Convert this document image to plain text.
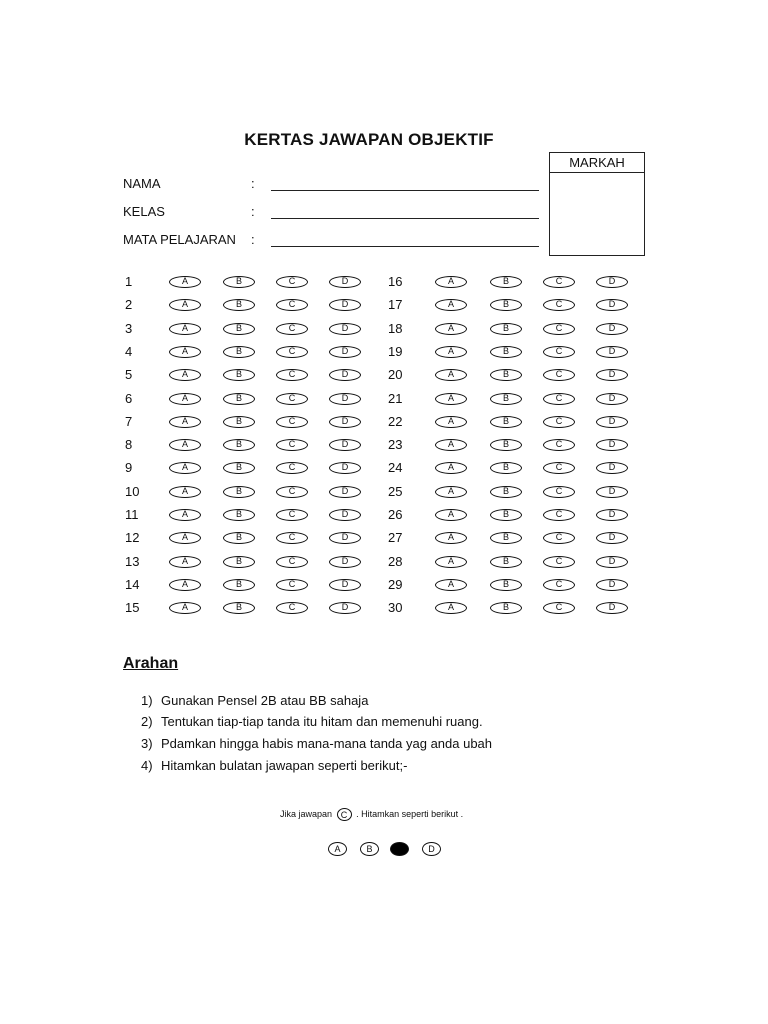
KERTAS JAWAPAN OBJEKTIF
MARKAH
NAMA	:
KELAS	:
MATA PELAJARAN :
1	A	B	C	D
2	A	B	C	D
3	A	B	C	D
4	A	B	C	D
5	A	B	C	D
6	A	B	C	D
7	A	B	C	D
8	A	B	C	D
9	A	B	C	D
10	A	B	C	D
11	A	B	C	D
12	A	B	C	D
13	A	B	C	D
14	A	B	C	D
15	A	B	C	D
16	A	B	C	D
17	A	B	C	D
18	A	B	C	D
19	A	B	C	D
20	A	B	C	D
21	A	B	C	D
22	A	B	C	D
23	A	B	C	D
24	A	B	C	D
25	A	B	C	D
26	A	B	C	D
27	A	B	C	D
28	A	B	C	D
29	A	B	C	D
30	A	B	C	D
Arahan
1) Gunakan Pensel 2B atau BB sahaja
2) Tentukan tiap-tiap tanda itu hitam dan memenuhi ruang.
3) Pdamkan hingga habis mana-mana tanda yag anda ubah
4) Hitamkan bulatan jawapan seperti berikut;-
Jika jawapan C . Hitamkan seperti berikut .
A	B	D
